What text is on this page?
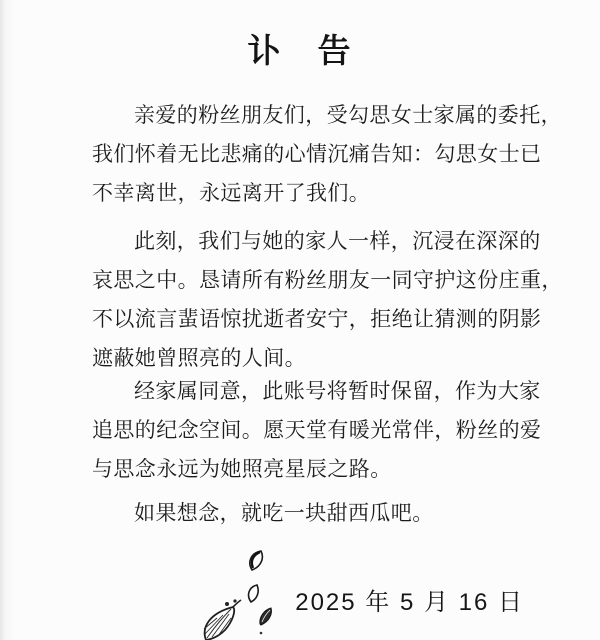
讣　告
亲爱的粉丝朋友们，受勾思女士家属的委托，
我们怀着无比悲痛的心情沉痛告知：勾思女士已
不幸离世，永远离开了我们。
此刻，我们与她的家人一样，沉浸在深深的
哀思之中。恳请所有粉丝朋友一同守护这份庄重，
不以流言蜚语惊扰逝者安宁，拒绝让猜测的阴影
遮蔽她曾照亮的人间。
经家属同意，此账号将暂时保留，作为大家
追思的纪念空间。愿天堂有暖光常伴，粉丝的爱
与思念永远为她照亮星辰之路。
如果想念，就吃一块甜西瓜吧。
2025 年 5 月 16 日
